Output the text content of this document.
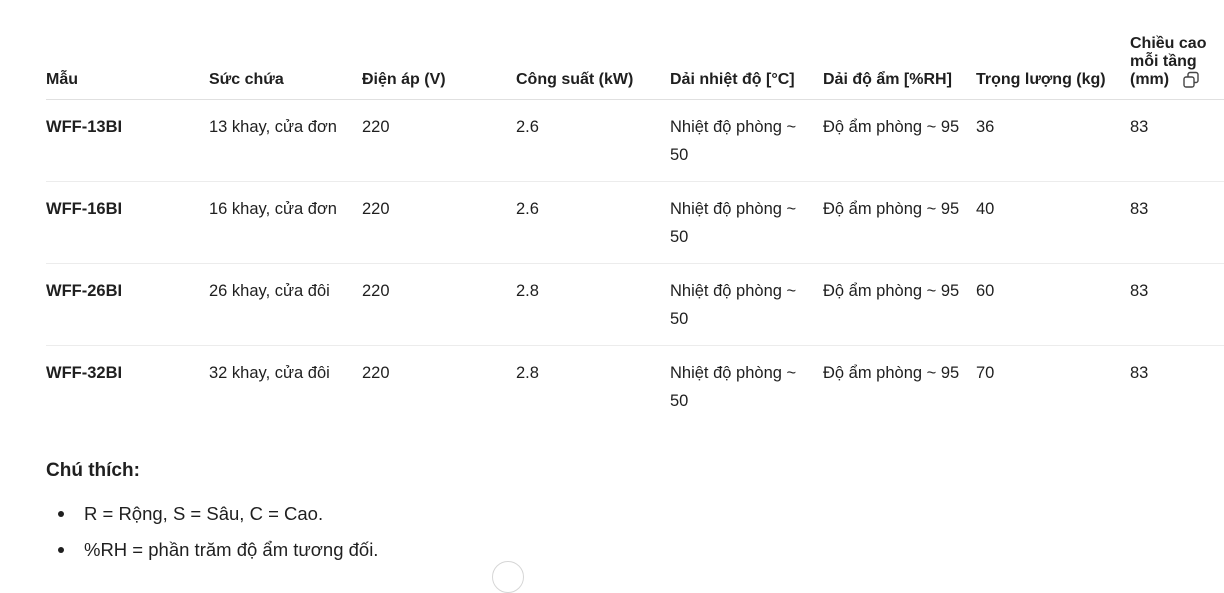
Mẫu	Sức chứa	Điện áp (V)	Công suất (kW)	Dải nhiệt độ [°C]	Dải độ ẩm [%RH]	Trọng lượng (kg)	Chiều cao mỗi tầng (mm)

WFF-13BI	13 khay, cửa đơn	220	2.6	Nhiệt độ phòng ~ 50	Độ ẩm phòng ~ 95	36	83
WFF-16BI	16 khay, cửa đơn	220	2.6	Nhiệt độ phòng ~ 50	Độ ẩm phòng ~ 95	40	83
WFF-26BI	26 khay, cửa đôi	220	2.8	Nhiệt độ phòng ~ 50	Độ ẩm phòng ~ 95	60	83
WFF-32BI	32 khay, cửa đôi	220	2.8	Nhiệt độ phòng ~ 50	Độ ẩm phòng ~ 95	70	83
Chú thích:
R = Rộng, S = Sâu, C = Cao.
%RH = phần trăm độ ẩm tương đối.
